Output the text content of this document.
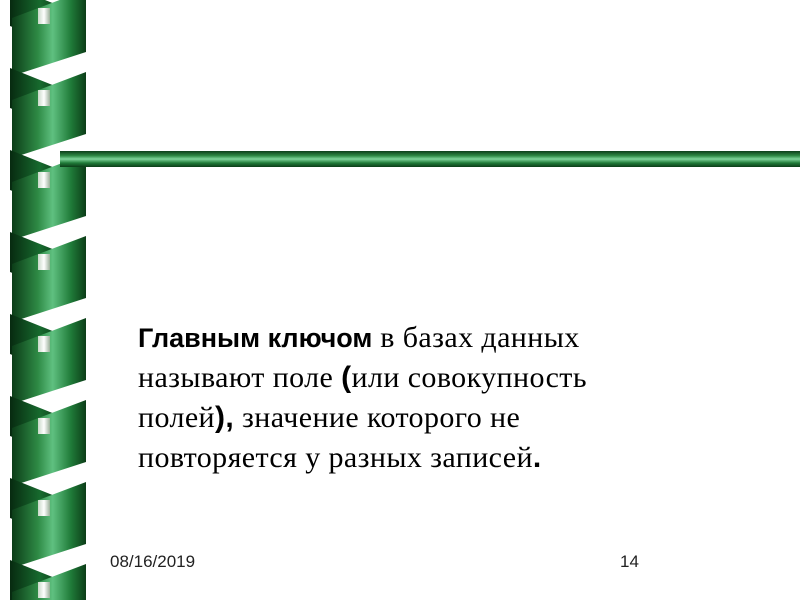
Главным ключом в базах данных
называют поле (или совокупность
полей), значение которого не
повторяется у разных записей.
08/16/2019	14
